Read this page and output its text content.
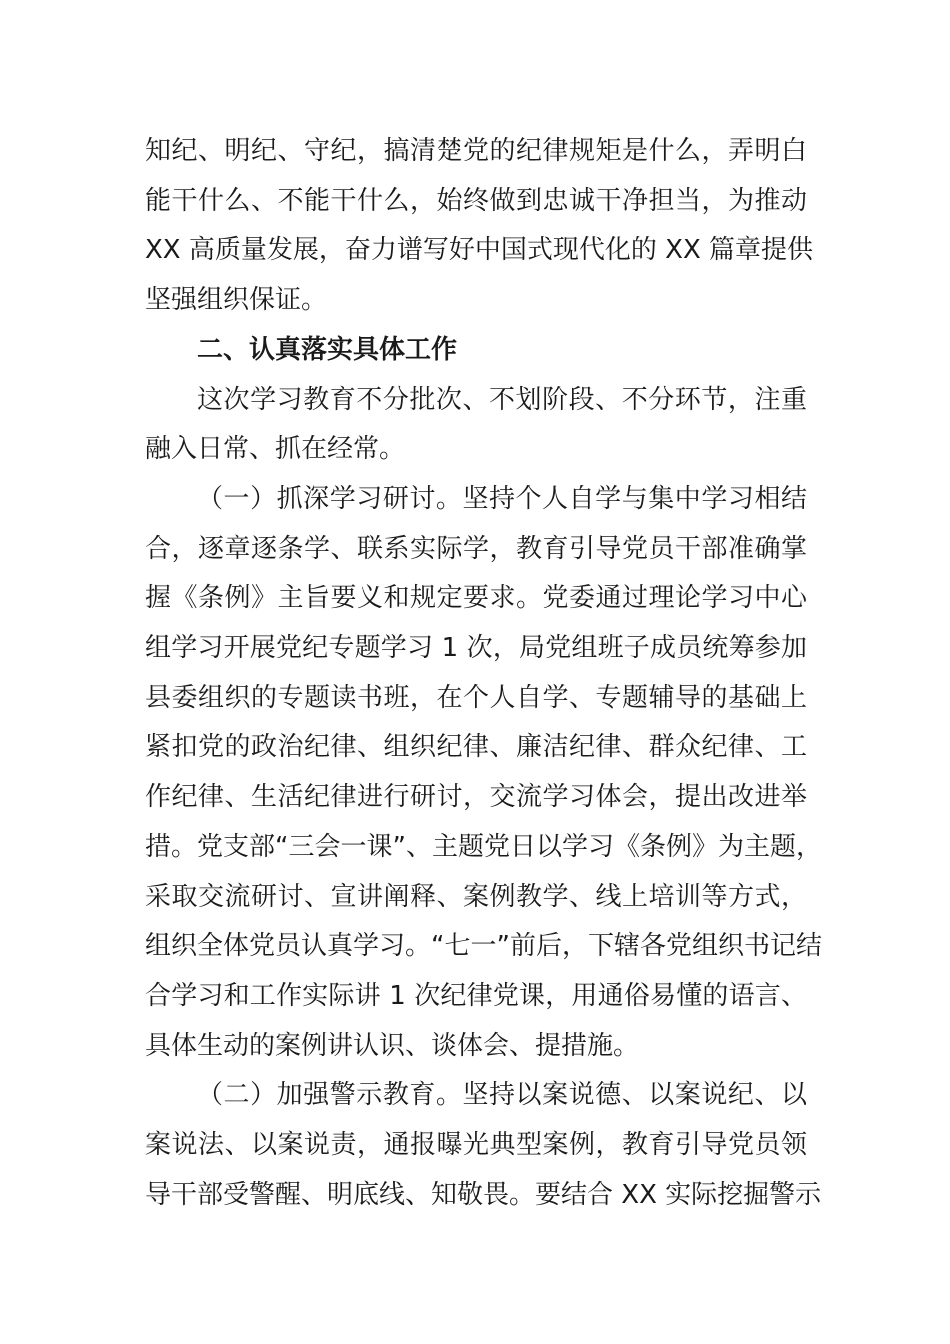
知纪、明纪、守纪，搞清楚党的纪律规矩是什么，弄明白
能干什么、不能干什么，始终做到忠诚干净担当，为推动
XX 高质量发展，奋力谱写好中国式现代化的 XX 篇章提供
坚强组织保证。
二、认真落实具体工作
这次学习教育不分批次、不划阶段、不分环节，注重
融入日常、抓在经常。
（一）抓深学习研讨。坚持个人自学与集中学习相结
合，逐章逐条学、联系实际学，教育引导党员干部准确掌
握《条例》主旨要义和规定要求。党委通过理论学习中心
组学习开展党纪专题学习 1 次，局党组班子成员统筹参加
县委组织的专题读书班，在个人自学、专题辅导的基础上
紧扣党的政治纪律、组织纪律、廉洁纪律、群众纪律、工
作纪律、生活纪律进行研讨，交流学习体会，提出改进举
措。党支部“三会一课”、主题党日以学习《条例》为主题，
采取交流研讨、宣讲阐释、案例教学、线上培训等方式，
组织全体党员认真学习。“七一”前后，下辖各党组织书记结
合学习和工作实际讲 1 次纪律党课，用通俗易懂的语言、
具体生动的案例讲认识、谈体会、提措施。
（二）加强警示教育。坚持以案说德、以案说纪、以
案说法、以案说责，通报曝光典型案例，教育引导党员领
导干部受警醒、明底线、知敬畏。要结合 XX 实际挖掘警示
